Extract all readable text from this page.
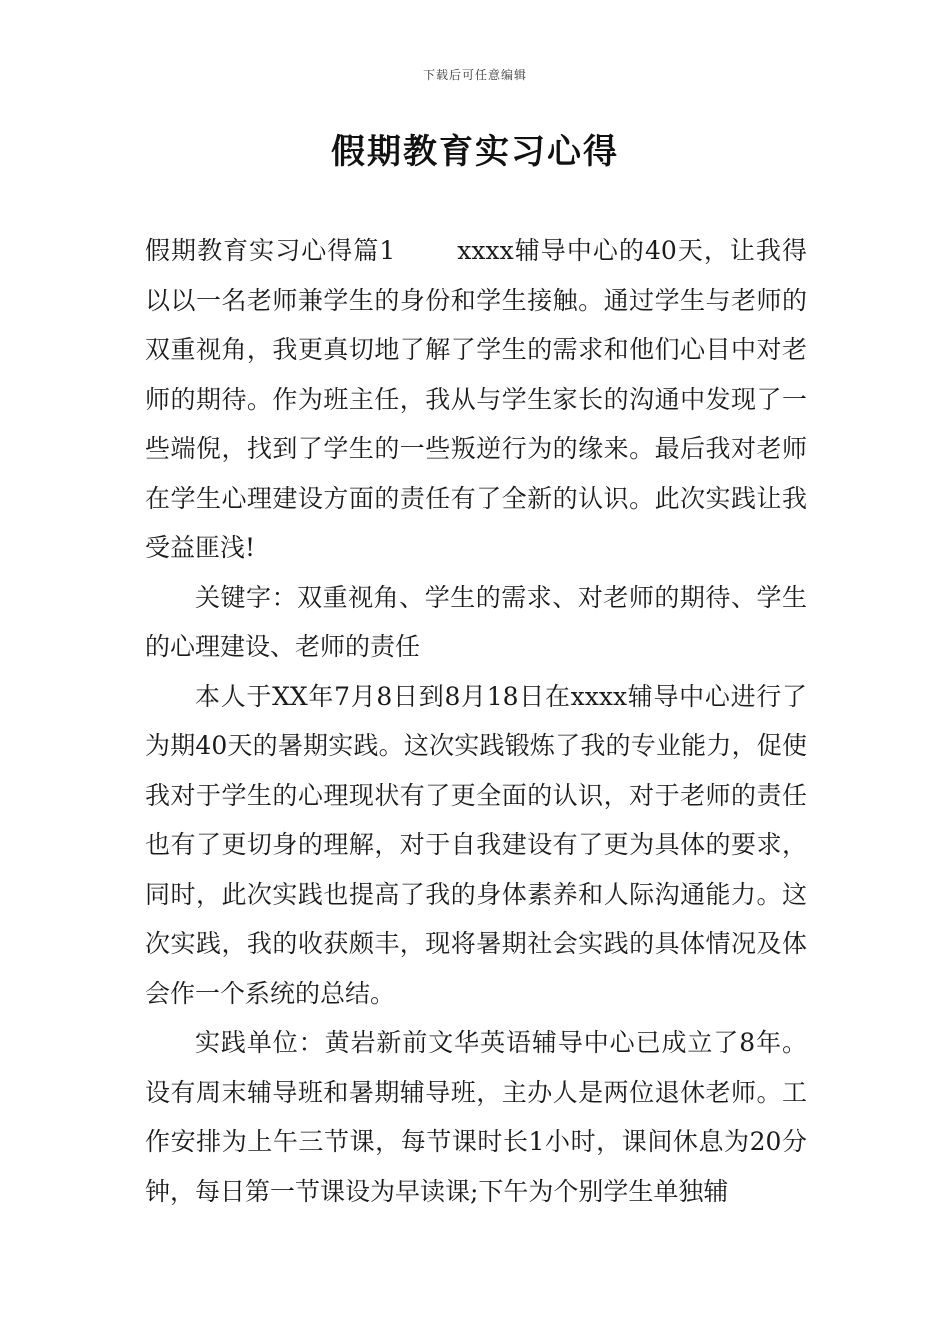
下载后可任意编辑
假期教育实习心得

假期教育实习心得篇1 xxxx辅导中心的40天，让我得以以一名老师兼学生的身份和学生接触。通过学生与老师的双重视角，我更真切地了解了学生的需求和他们心目中对老师的期待。作为班主任，我从与学生家长的沟通中发现了一些端倪，找到了学生的一些叛逆行为的缘来。最后我对老师在学生心理建设方面的责任有了全新的认识。此次实践让我受益匪浅!

关键字：双重视角、学生的需求、对老师的期待、学生的心理建设、老师的责任

本人于XX年7月8日到8月18日在xxxx辅导中心进行了为期40天的暑期实践。这次实践锻炼了我的专业能力，促使我对于学生的心理现状有了更全面的认识，对于老师的责任也有了更切身的理解，对于自我建设有了更为具体的要求，同时，此次实践也提高了我的身体素养和人际沟通能力。这次实践，我的收获颇丰，现将暑期社会实践的具体情况及体会作一个系统的总结。

实践单位：黄岩新前文华英语辅导中心已成立了8年。设有周末辅导班和暑期辅导班，主办人是两位退休老师。工作安排为上午三节课，每节课时长1小时，课间休息为20分钟，每日第一节课设为早读课;下午为个别学生单独辅
